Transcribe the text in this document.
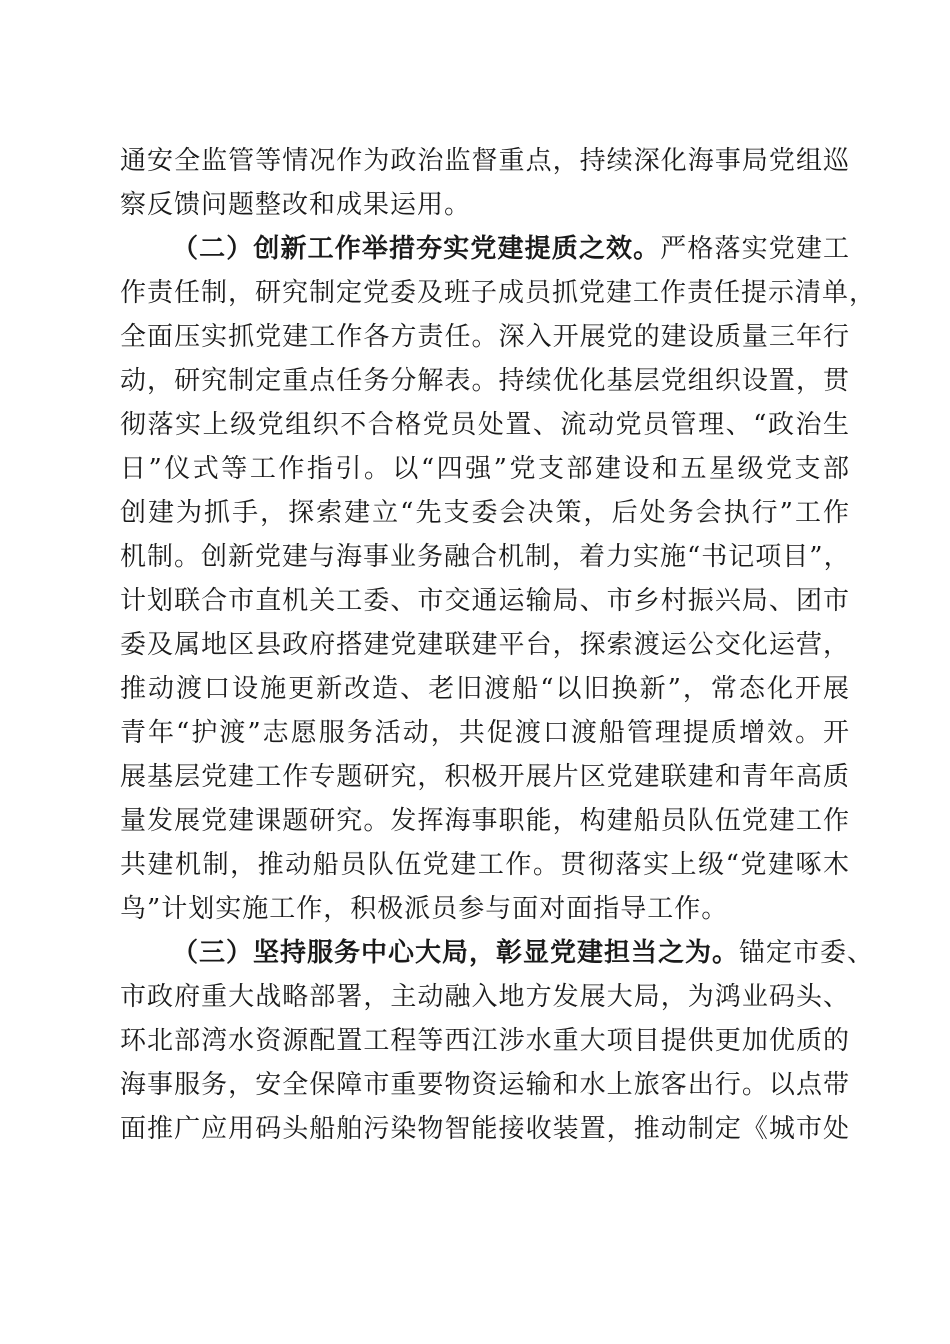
通安全监管等情况作为政治监督重点，持续深化海事局党组巡
察反馈问题整改和成果运用。
（二）创新工作举措夯实党建提质之效。严格落实党建工
作责任制，研究制定党委及班子成员抓党建工作责任提示清单，
全面压实抓党建工作各方责任。深入开展党的建设质量三年行
动，研究制定重点任务分解表。持续优化基层党组织设置，贯
彻落实上级党组织不合格党员处置、流动党员管理、“政治生
日”仪式等工作指引。以“四强”党支部建设和五星级党支部
创建为抓手，探索建立“先支委会决策，后处务会执行”工作
机制。创新党建与海事业务融合机制，着力实施“书记项目”，
计划联合市直机关工委、市交通运输局、市乡村振兴局、团市
委及属地区县政府搭建党建联建平台，探索渡运公交化运营，
推动渡口设施更新改造、老旧渡船“以旧换新”，常态化开展
青年“护渡”志愿服务活动，共促渡口渡船管理提质增效。开
展基层党建工作专题研究，积极开展片区党建联建和青年高质
量发展党建课题研究。发挥海事职能，构建船员队伍党建工作
共建机制，推动船员队伍党建工作。贯彻落实上级“党建啄木
鸟”计划实施工作，积极派员参与面对面指导工作。
（三）坚持服务中心大局，彰显党建担当之为。锚定市委、
市政府重大战略部署，主动融入地方发展大局，为鸿业码头、
环北部湾水资源配置工程等西江涉水重大项目提供更加优质的
海事服务，安全保障市重要物资运输和水上旅客出行。以点带
面推广应用码头船舶污染物智能接收装置，推动制定《城市处
